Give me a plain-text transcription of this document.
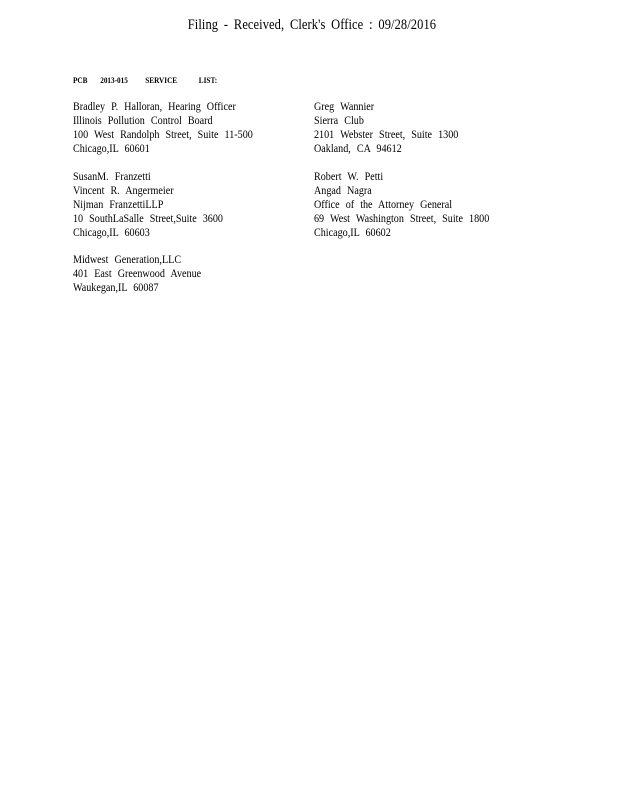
Filing - Received, Clerk's Office : 09/28/2016
PCB 2013-015 SERVICE	LIST:
Bradley P. Halloran, Hearing Officer
Illinois Pollution Control Board
100 West Randolph Street, Suite 11-500
Chicago,IL 60601
Greg Wannier
Sierra Club
2101 Webster Street, Suite 1300
Oakland, CA 94612
SusanM. Franzetti
Vincent R. Angermeier
Nijman FranzettiLLP
10 SouthLaSalle Street,Suite 3600
Chicago,IL 60603
Robert W. Petti
Angad Nagra
Office of the Attorney General
69 West Washington Street, Suite 1800
Chicago,IL 60602
Midwest Generation,LLC
401 East Greenwood Avenue
Waukegan,IL 60087
